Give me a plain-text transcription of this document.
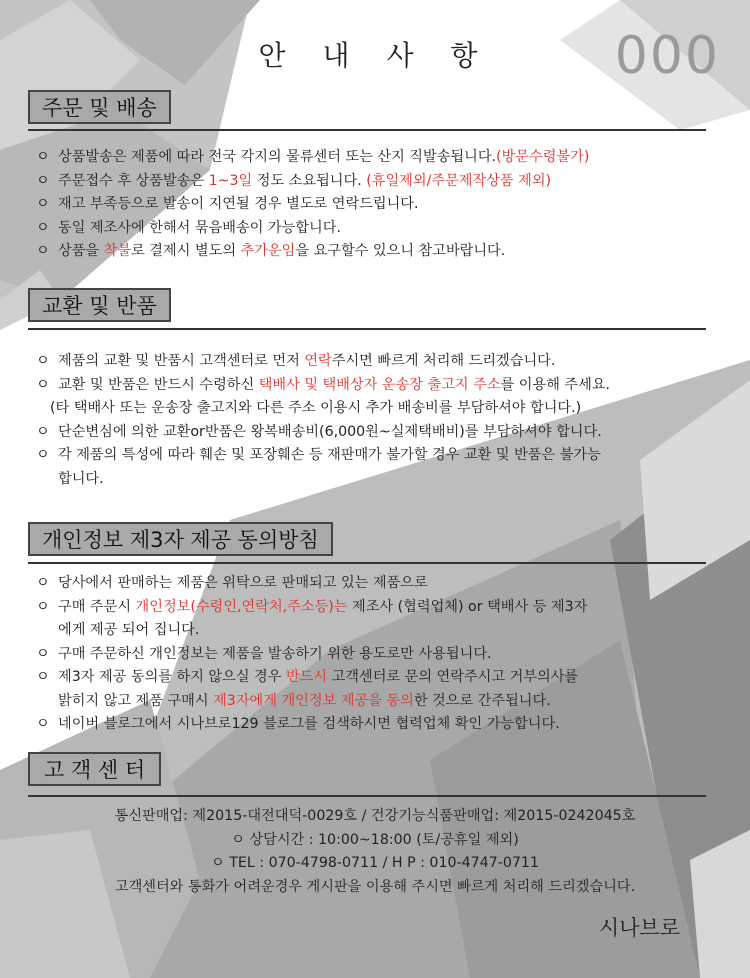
안 내 사 항	000
주문 및 배송
ㅇ 상품발송은 제품에 따라 전국 각지의 물류센터 또는 산지 직발송됩니다.(방문수령불가)
ㅇ 주문접수 후 상품발송은 1~3일 정도 소요됩니다. (휴일제외/주문제작상품 제외)
ㅇ 재고 부족등으로 발송이 지연될 경우 별도로 연락드립니다.
ㅇ 동일 제조사에 한해서 묶음배송이 가능합니다.
ㅇ 상품을 착불로 결제시 별도의 추가운임을 요구할수 있으니 참고바랍니다.
교환 및 반품
ㅇ 제품의 교환 및 반품시 고객센터로 먼저 연락주시면 빠르게 처리해 드리겠습니다.
ㅇ 교환 및 반품은 반드시 수령하신 택배사 및 택배상자 운송장 출고지 주소를 이용해 주세요.
(타 택배사 또는 운송장 출고지와 다른 주소 이용시 추가 배송비를 부담하셔야 합니다.)
ㅇ 단순변심에 의한 교환or반품은 왕복배송비(6,000원~실제택배비)를 부담하셔야 합니다.
ㅇ 각 제품의 특성에 따라 훼손 및 포장훼손 등 재판매가 불가할 경우 교환 및 반품은 불가능
합니다.
개인정보 제3자 제공 동의방침
ㅇ 당사에서 판매하는 제품은 위탁으로 판매되고 있는 제품으로
ㅇ 구매 주문시 개인정보(수령인,연락처,주소등)는 제조사 (협력업체) or 택배사 등 제3자
에게 제공 되어 집니다.
ㅇ 구매 주문하신 개인정보는 제품을 발송하기 위한 용도로만 사용됩니다.
ㅇ 제3자 제공 동의를 하지 않으실 경우 반드시 고객센터로 문의 연락주시고 거부의사를
밝히지 않고 제품 구매시 제3자에게 개인정보 제공을 동의한 것으로 간주됩니다.
ㅇ 네이버 블로그에서 시나브로129 블로그를 검색하시면 협력업체 확인 가능합니다.
고 객 센 터
통신판매업: 제2015-대전대덕-0029호 / 건강기능식품판매업: 제2015-0242045호
ㅇ 상담시간 : 10:00~18:00 (토/공휴일 제외)
ㅇ TEL : 070-4798-0711 / H P : 010-4747-0711
고객센터와 통화가 어려운경우 게시판을 이용해 주시면 빠르게 처리해 드리겠습니다.
시나브로
